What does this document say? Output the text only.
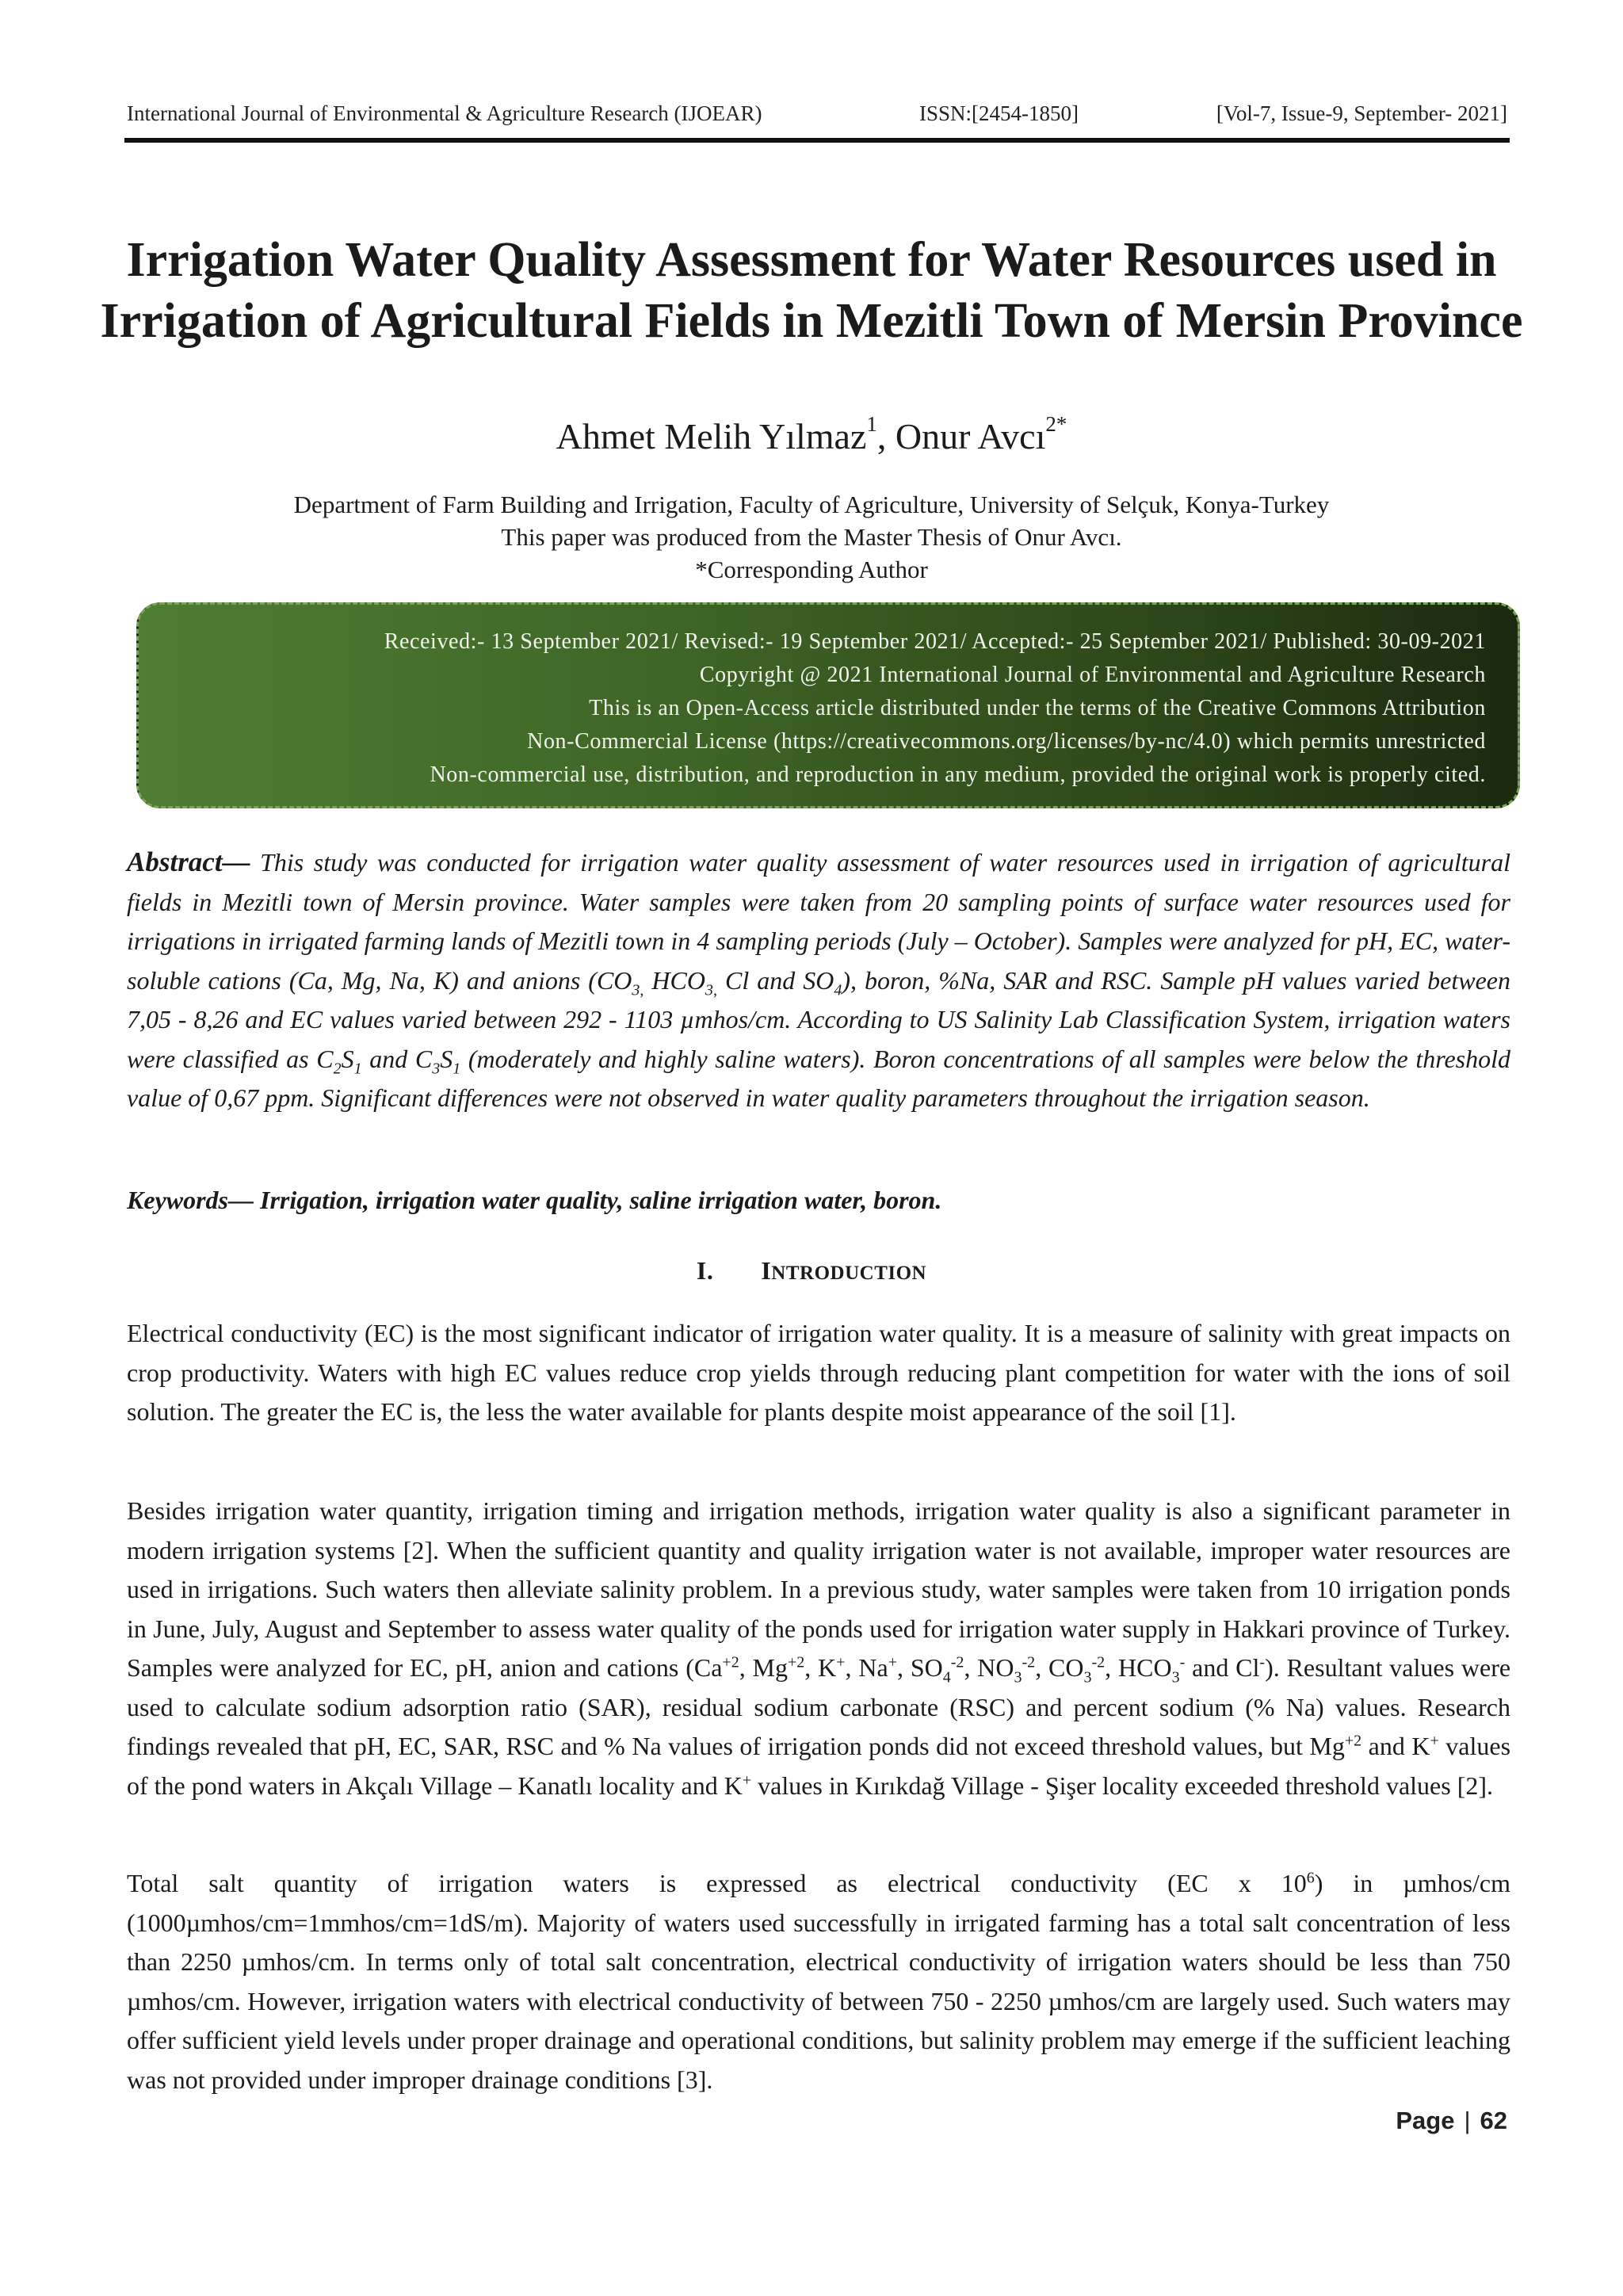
International Journal of Environmental & Agriculture Research (IJOEAR)	ISSN:[2454-1850]	[Vol-7, Issue-9, September- 2021]
Irrigation Water Quality Assessment for Water Resources used in Irrigation of Agricultural Fields in Mezitli Town of Mersin Province
Ahmet Melih Yılmaz$^1$, Onur Avcı$^{2*}$
Department of Farm Building and Irrigation, Faculty of Agriculture, University of Selçuk, Konya-Turkey
This paper was produced from the Master Thesis of Onur Avcı.
*Corresponding Author
Received:- 13 September 2021/ Revised:- 19 September 2021/ Accepted:- 25 September 2021/ Published: 30-09-2021
Copyright @ 2021 International Journal of Environmental and Agriculture Research
This is an Open-Access article distributed under the terms of the Creative Commons Attribution
Non-Commercial License (https://creativecommons.org/licenses/by-nc/4.0) which permits unrestricted
Non-commercial use, distribution, and reproduction in any medium, provided the original work is properly cited.
Abstract— This study was conducted for irrigation water quality assessment of water resources used in irrigation of agricultural fields in Mezitli town of Mersin province. Water samples were taken from 20 sampling points of surface water resources used for irrigations in irrigated farming lands of Mezitli town in 4 sampling periods (July – October). Samples were analyzed for pH, EC, water-soluble cations (Ca, Mg, Na, K) and anions ($CO_{3,}$ $HCO_{3,}$ Cl and $SO_4$), boron, %Na, SAR and RSC. Sample pH values varied between 7,05 - 8,26 and EC values varied between 292 - 1103 µmhos/cm. According to US Salinity Lab Classification System, irrigation waters were classified as $C_2S_1$ and $C_3S_1$ (moderately and highly saline waters). Boron concentrations of all samples were below the threshold value of 0,67 ppm. Significant differences were not observed in water quality parameters throughout the irrigation season.
Keywords— Irrigation, irrigation water quality, saline irrigation water, boron.
I. INTRODUCTION
Electrical conductivity (EC) is the most significant indicator of irrigation water quality. It is a measure of salinity with great impacts on crop productivity. Waters with high EC values reduce crop yields through reducing plant competition for water with the ions of soil solution. The greater the EC is, the less the water available for plants despite moist appearance of the soil [1].
Besides irrigation water quantity, irrigation timing and irrigation methods, irrigation water quality is also a significant parameter in modern irrigation systems [2]. When the sufficient quantity and quality irrigation water is not available, improper water resources are used in irrigations. Such waters then alleviate salinity problem. In a previous study, water samples were taken from 10 irrigation ponds in June, July, August and September to assess water quality of the ponds used for irrigation water supply in Hakkari province of Turkey. Samples were analyzed for EC, pH, anion and cations ($Ca^{+2}$, $Mg^{+2}$, K+, Na+, $SO_4^{-2}$, $NO_3^{-2}$, $CO_3^{-2}$, $HCO_3^-$ and Cl-). Resultant values were used to calculate sodium adsorption ratio (SAR), residual sodium carbonate (RSC) and percent sodium (% Na) values. Research findings revealed that pH, EC, SAR, RSC and % Na values of irrigation ponds did not exceed threshold values, but $Mg^{+2}$ and K+ values of the pond waters in Akçalı Village – Kanatlı locality and K+ values in Kırıkdağ Village - Şişer locality exceeded threshold values [2].
Total salt quantity of irrigation waters is expressed as electrical conductivity (EC x $10^6$) in µmhos/cm (1000µmhos/cm=1mmhos/cm=1dS/m). Majority of waters used successfully in irrigated farming has a total salt concentration of less than 2250 µmhos/cm. In terms only of total salt concentration, electrical conductivity of irrigation waters should be less than 750 µmhos/cm. However, irrigation waters with electrical conductivity of between 750 - 2250 µmhos/cm are largely used. Such waters may offer sufficient yield levels under proper drainage and operational conditions, but salinity problem may emerge if the sufficient leaching was not provided under improper drainage conditions [3].
Page | 62
